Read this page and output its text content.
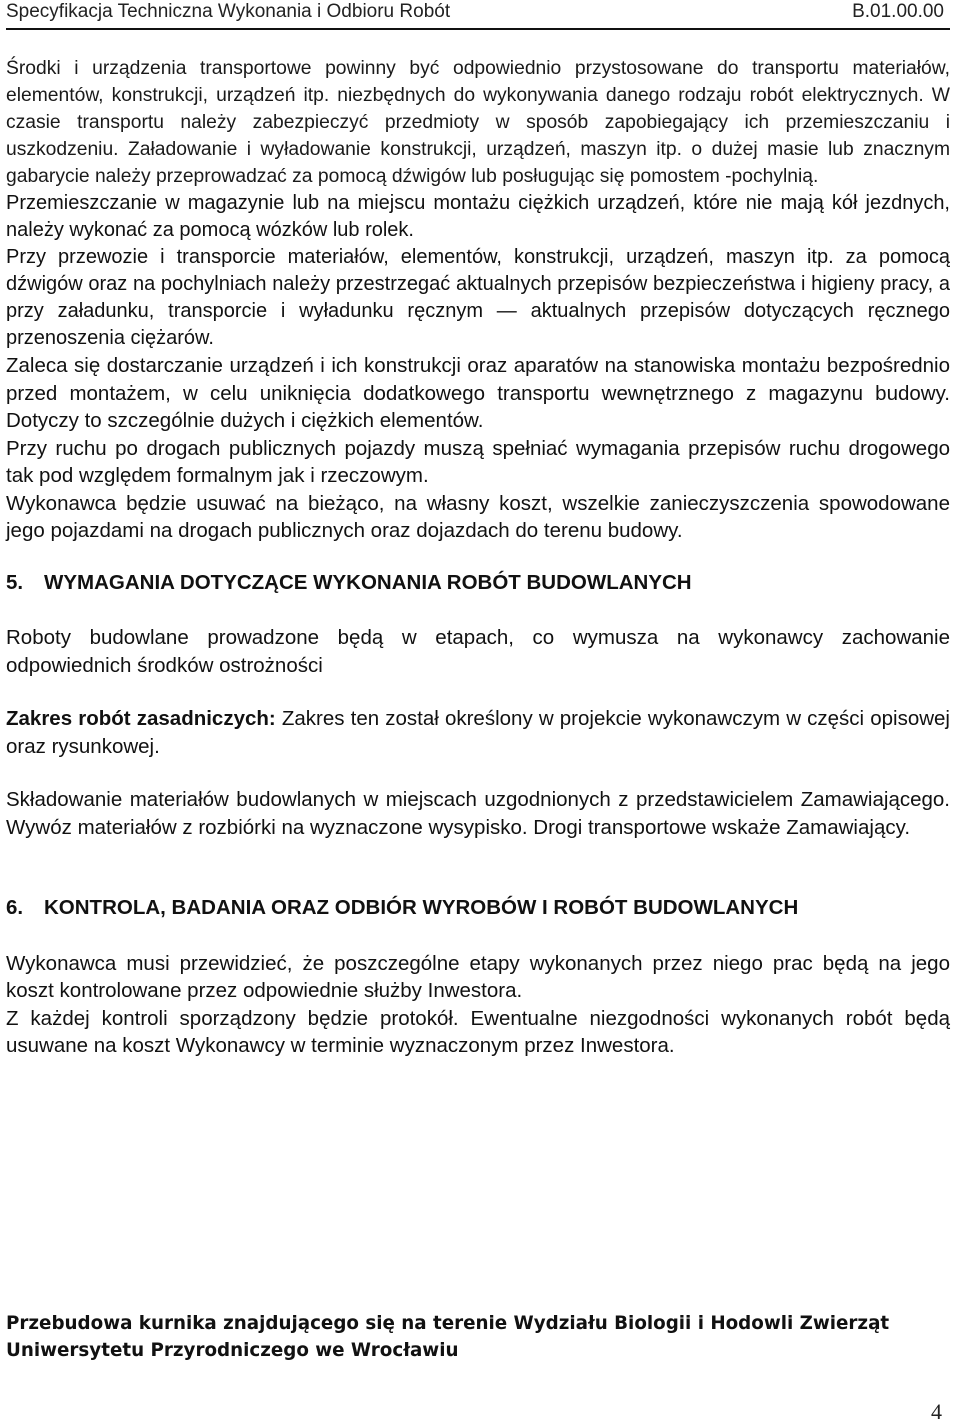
Specyfikacja Techniczna Wykonania i Odbioru Robót	B.01.00.00

Środki i urządzenia transportowe powinny być odpowiednio przystosowane do transportu materiałów, elementów, konstrukcji, urządzeń itp. niezbędnych do wykonywania danego rodzaju robót elektrycznych. W czasie transportu należy zabezpieczyć przedmioty w sposób zapobiegający ich przemieszczaniu i uszkodzeniu. Załadowanie i wyładowanie konstrukcji, urządzeń, maszyn itp. o dużej masie lub znacznym gabarycie należy przeprowadzać za pomocą dźwigów lub posługując się pomostem -pochylnią.

Przemieszczanie w magazynie lub na miejscu montażu ciężkich urządzeń, które nie mają kół jezdnych, należy wykonać za pomocą wózków lub rolek.

Przy przewozie i transporcie materiałów, elementów, konstrukcji, urządzeń, maszyn itp. za pomocą dźwigów oraz na pochylniach należy przestrzegać aktualnych przepisów bezpieczeństwa i higieny pracy, a przy załadunku, transporcie i wyładunku ręcznym — aktualnych przepisów dotyczących ręcznego przenoszenia ciężarów.

Zaleca się dostarczanie urządzeń i ich konstrukcji oraz aparatów na stanowiska montażu bezpośrednio przed montażem, w celu uniknięcia dodatkowego transportu wewnętrznego z magazynu budowy. Dotyczy to szczególnie dużych i ciężkich elementów.

Przy ruchu po drogach publicznych pojazdy muszą spełniać wymagania przepisów ruchu drogowego tak pod względem formalnym jak i rzeczowym.

Wykonawca będzie usuwać na bieżąco, na własny koszt, wszelkie zanieczyszczenia spowodowane jego pojazdami na drogach publicznych oraz dojazdach do terenu budowy.

5. WYMAGANIA DOTYCZĄCE WYKONANIA ROBÓT BUDOWLANYCH

Roboty budowlane prowadzone będą w etapach, co wymusza na wykonawcy zachowanie odpowiednich środków ostrożności

Zakres robót zasadniczych: Zakres ten został określony w projekcie wykonawczym w części opisowej oraz rysunkowej.

Składowanie materiałów budowlanych w miejscach uzgodnionych z przedstawicielem Zamawiającego. Wywóz materiałów z rozbiórki na wyznaczone wysypisko. Drogi transportowe wskaże Zamawiający.

6. KONTROLA, BADANIA ORAZ ODBIÓR WYROBÓW I ROBÓT BUDOWLANYCH

Wykonawca musi przewidzieć, że poszczególne etapy wykonanych przez niego prac będą na jego koszt kontrolowane przez odpowiednie służby Inwestora.

Z każdej kontroli sporządzony będzie protokół. Ewentualne niezgodności wykonanych robót będą usuwane na koszt Wykonawcy w terminie wyznaczonym przez Inwestora.

Przebudowa kurnika znajdującego się na terenie Wydziału Biologii i Hodowli Zwierząt
Uniwersytetu Przyrodniczego we Wrocławiu
4
